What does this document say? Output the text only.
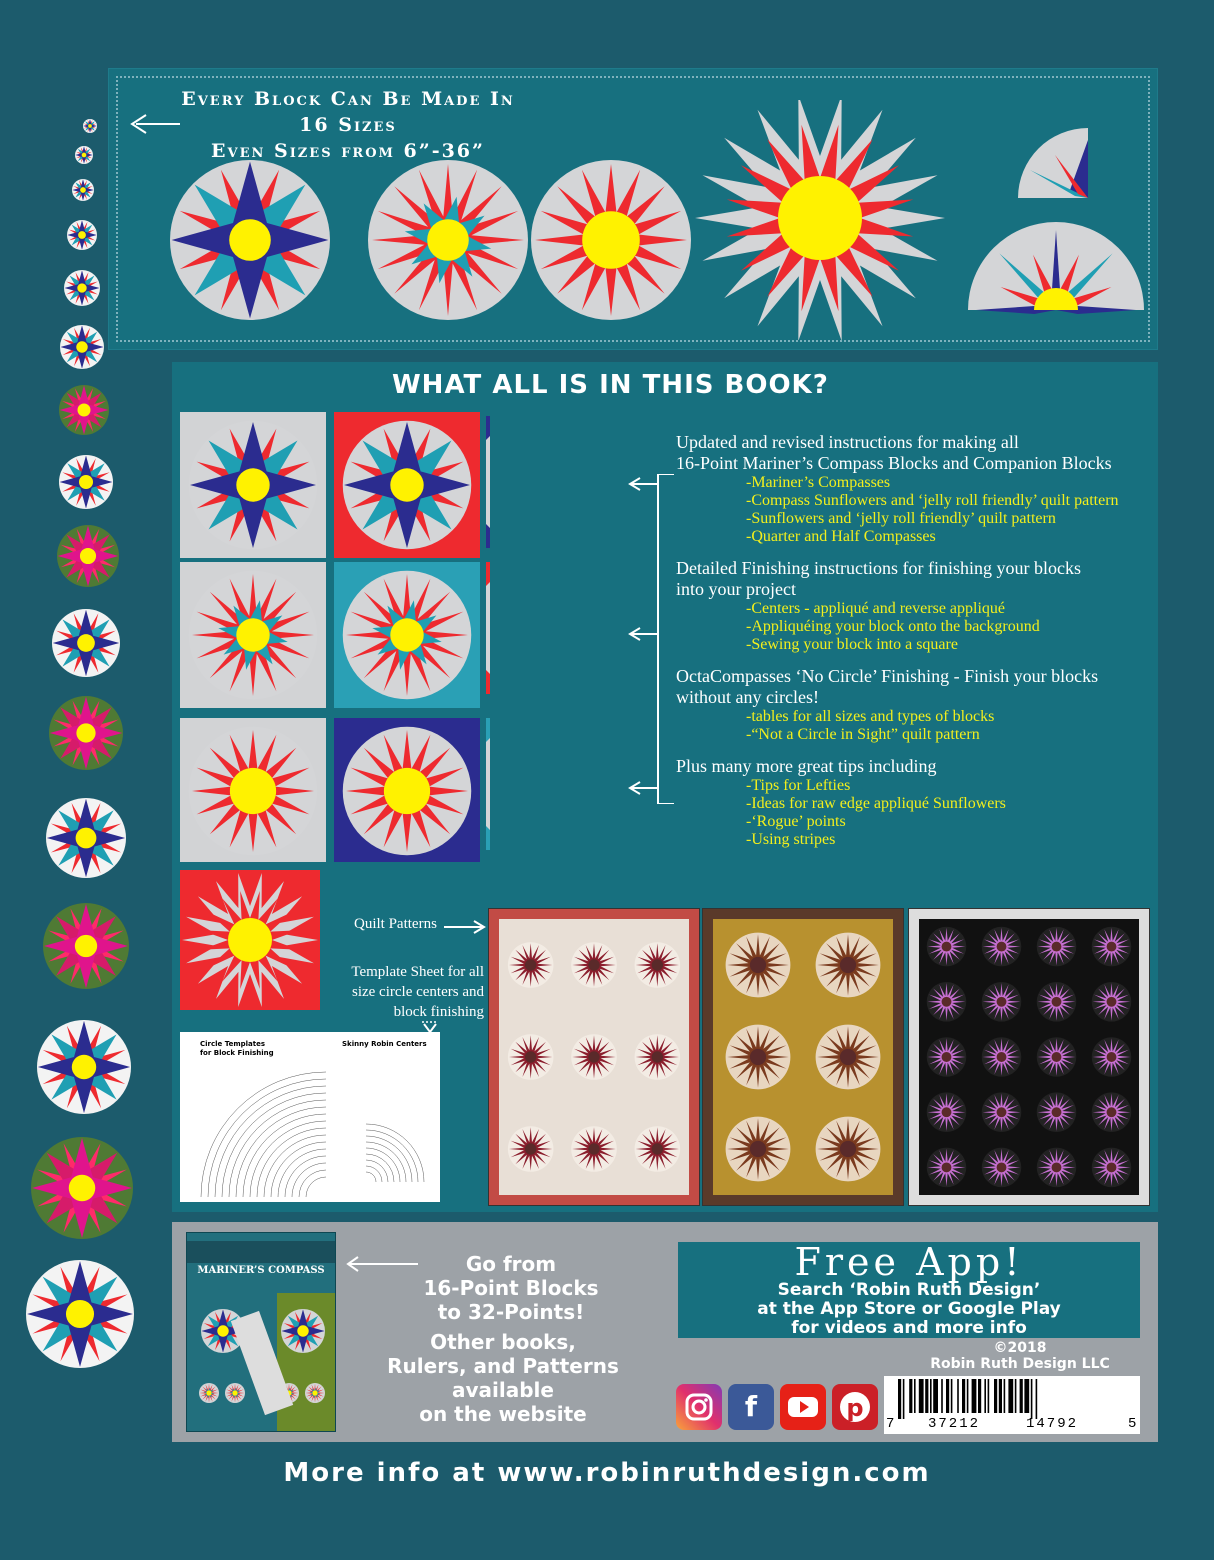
Every Block Can Be Made In 16 Sizes
Even Sizes from 6”-36”
WHAT ALL IS IN THIS BOOK?
Updated and revised instructions for making all
16-Point Mariner’s Compass Blocks and Companion Blocks
-Mariner’s Compasses
-Compass Sunflowers and ‘jelly roll friendly’ quilt pattern
-Sunflowers and ‘jelly roll friendly’ quilt pattern
-Quarter and Half Compasses
Detailed Finishing instructions for finishing your blocks
into your project
-Centers - appliqué and reverse appliqué
-Appliquéing your block onto the background
-Sewing your block into a square
OctaCompasses ‘No Circle’ Finishing - Finish your blocks
without any circles!
-tables for all sizes and types of blocks
-“Not a Circle in Sight” quilt pattern
Plus many more great tips including
-Tips for Lefties
-Ideas for raw edge appliqué Sunflowers
-‘Rogue’ points
-Using stripes
Quilt Patterns
Template Sheet for all
size circle centers and
block finishing
Circle Templates
for Block Finishing
Skinny Robin Centers
MARINER’S COMPASS	Go from
16-Point Blocks
to 32-Points!
Other books,
Rulers, and Patterns
available
on the website
Free App!
Search ‘Robin Ruth Design’
at the App Store or Google Play
for videos and more info
©2018
Robin Ruth Design LLC
f	p
7 37212	14792	5
More info at www.robinruthdesign.com
